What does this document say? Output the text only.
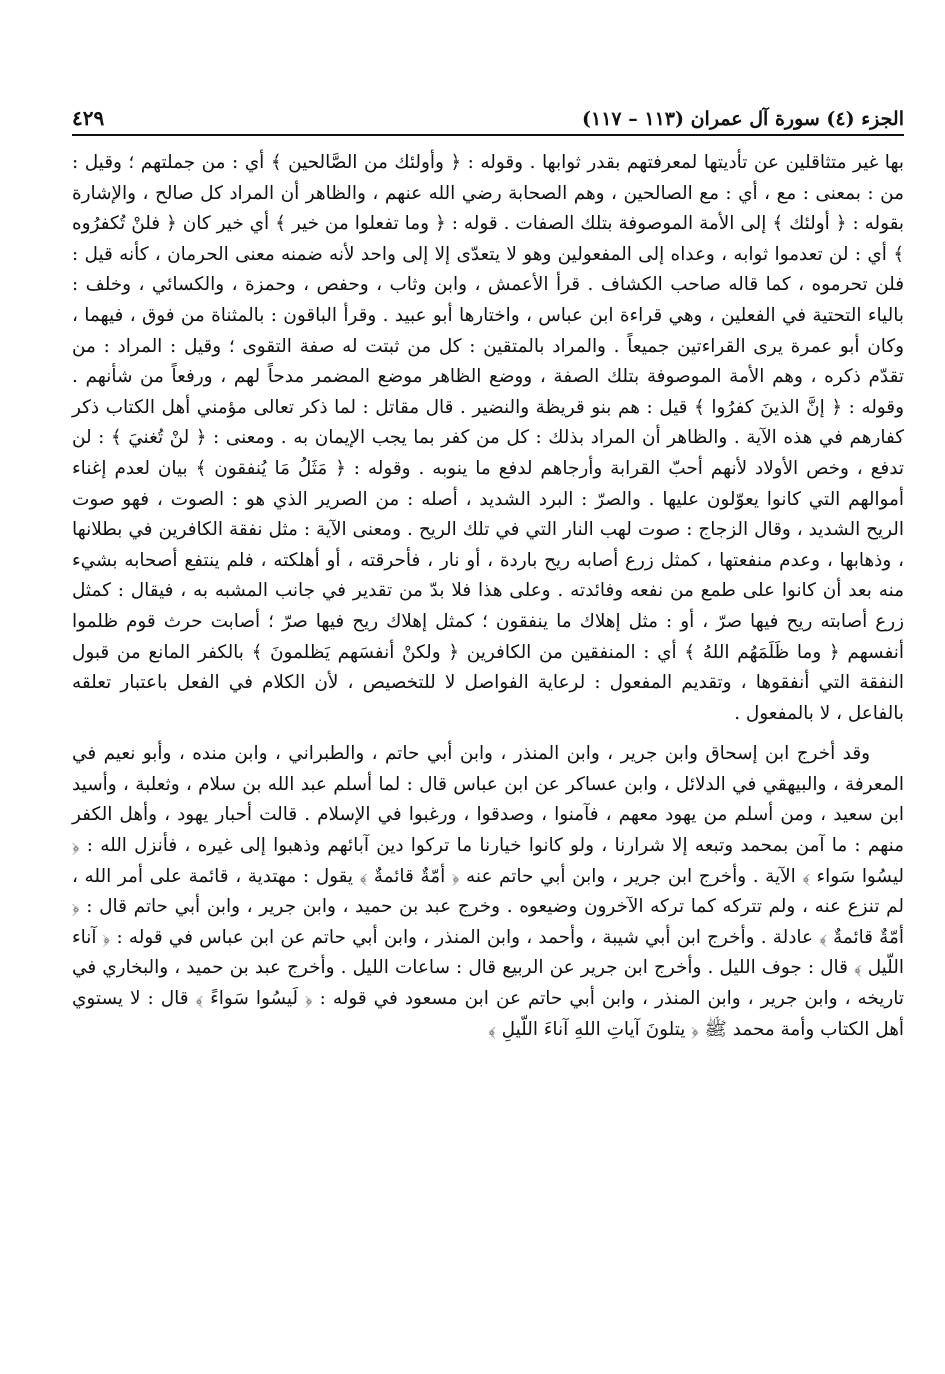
الجزء (٤) سورة آل عمران (١١٣ – ١١٧)
٤٢٩

بها غير متثاقلين عن تأديتها لمعرفتهم بقدر ثوابها . وقوله : ﴿ وأولئك من الصَّالحين ﴾ أي : من جملتهم ؛ وقيل : من : بمعنى : مع ، أي : مع الصالحين ، وهم الصحابة رضي الله عنهم ، والظاهر أن المراد كل صالح ، والإشارة بقوله : ﴿ أولئك ﴾ إلى الأمة الموصوفة بتلك الصفات . قوله : ﴿ وما تفعلوا من خير ﴾ أي خير كان ﴿ فلنْ تُكفرُوه ﴾ أي : لن تعدموا ثوابه ، وعداه إلى المفعولين وهو لا يتعدّى إلا إلى واحد لأنه ضمنه معنى الحرمان ، كأنه قيل : فلن تحرموه ، كما قاله صاحب الكشاف . قرأ الأعمش ، وابن وثاب ، وحفص ، وحمزة ، والكسائي ، وخلف : بالياء التحتية في الفعلين ، وهي قراءة ابن عباس ، واختارها أبو عبيد . وقرأ الباقون : بالمثناة من فوق ، فيهما ، وكان أبو عمرة يرى القراءتين جميعاً . والمراد بالمتقين : كل من ثبتت له صفة التقوى ؛ وقيل : المراد : من تقدّم ذكره ، وهم الأمة الموصوفة بتلك الصفة ، ووضع الظاهر موضع المضمر مدحاً لهم ، ورفعاً من شأنهم . وقوله : ﴿ إنَّ الذينَ كفرُوا ﴾ قيل : هم بنو قريظة والنضير . قال مقاتل : لما ذكر تعالى مؤمني أهل الكتاب ذكر كفارهم في هذه الآية . والظاهر أن المراد بذلك : كل من كفر بما يجب الإيمان به . ومعنى : ﴿ لنْ تُغنيَ ﴾ : لن تدفع ، وخص الأولاد لأنهم أحبّ القرابة وأرجاهم لدفع ما ينوبه . وقوله : ﴿ مَثَلُ مَا يُنفقون ﴾ بيان لعدم إغناء أموالهم التي كانوا يعوّلون عليها . والصرّ : البرد الشديد ، أصله : من الصرير الذي هو : الصوت ، فهو صوت الريح الشديد ، وقال الزجاج : صوت لهب النار التي في تلك الريح . ومعنى الآية : مثل نفقة الكافرين في بطلانها ، وذهابها ، وعدم منفعتها ، كمثل زرع أصابه ريح باردة ، أو نار ، فأحرقته ، أو أهلكته ، فلم ينتفع أصحابه بشيء منه بعد أن كانوا على طمع من نفعه وفائدته . وعلى هذا فلا بدّ من تقدير في جانب المشبه به ، فيقال : كمثل زرع أصابته ريح فيها صرّ ، أو : مثل إهلاك ما ينفقون ؛ كمثل إهلاك ريح فيها صرّ ؛ أصابت حرث قوم ظلموا أنفسهم ﴿ وما ظَلَمَهُم اللهُ ﴾ أي : المنفقين من الكافرين ﴿ ولكنْ أنفسَهم يَظلمونَ ﴾ بالكفر المانع من قبول النفقة التي أنفقوها ، وتقديم المفعول : لرعاية الفواصل لا للتخصيص ، لأن الكلام في الفعل باعتبار تعلقه بالفاعل ، لا بالمفعول .

وقد أخرج ابن إسحاق وابن جرير ، وابن المنذر ، وابن أبي حاتم ، والطبراني ، وابن منده ، وأبو نعيم في المعرفة ، والبيهقي في الدلائل ، وابن عساكر عن ابن عباس قال : لما أسلم عبد الله بن سلام ، وثعلبة ، وأسيد ابن سعيد ، ومن أسلم من يهود معهم ، فآمنوا ، وصدقوا ، ورغبوا في الإسلام . قالت أحبار يهود ، وأهل الكفر منهم : ما آمن بمحمد وتبعه إلا شرارنا ، ولو كانوا خيارنا ما تركوا دين آبائهم وذهبوا إلى غيره ، فأنزل الله : ﴿ ليسُوا سَواء ﴾ الآية . وأخرج ابن جرير ، وابن أبي حاتم عنه ﴿ أمّةٌ قائمةٌ ﴾ يقول : مهتدية ، قائمة على أمر الله ، لم تنزع عنه ، ولم تتركه كما تركه الآخرون وضيعوه . وخرج عبد بن حميد ، وابن جرير ، وابن أبي حاتم قال : ﴿ أمّةٌ قائمةٌ ﴾ عادلة . وأخرج ابن أبي شيبة ، وأحمد ، وابن المنذر ، وابن أبي حاتم عن ابن عباس في قوله : ﴿ آناء اللّيل ﴾ قال : جوف الليل . وأخرج ابن جرير عن الربيع قال : ساعات الليل . وأخرج عبد بن حميد ، والبخاري في تاريخه ، وابن جرير ، وابن المنذر ، وابن أبي حاتم عن ابن مسعود في قوله : ﴿ لَيسُوا سَواءً ﴾ قال : لا يستوي أهل الكتاب وأمة محمد ﷺ ﴿ يتلونَ آياتِ اللهِ آناءَ اللّيلِ ﴾
